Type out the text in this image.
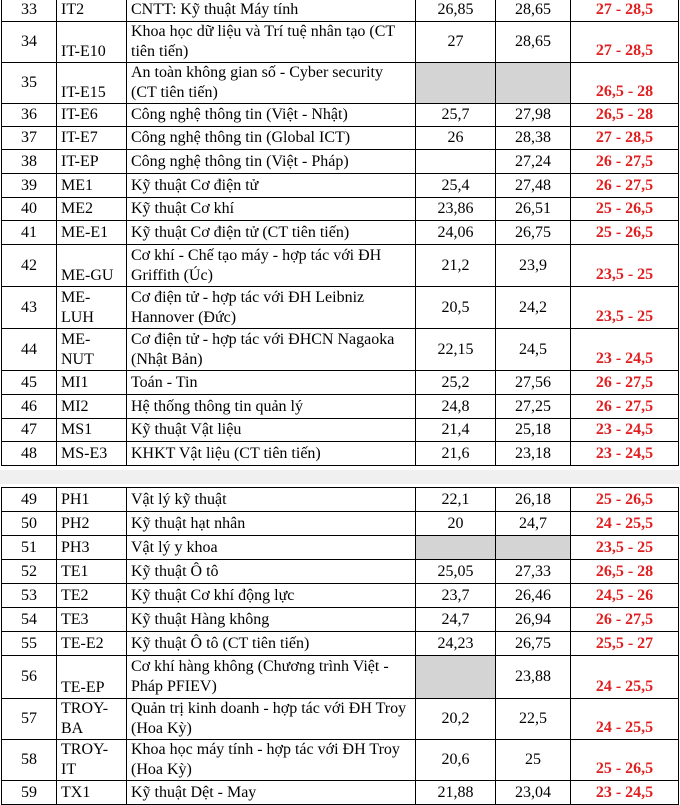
33	IT2	CNTT: Kỹ thuật Máy tính	26,85	28,65	27 - 28,5
34	IT-E10	Khoa học dữ liệu và Trí tuệ nhân tạo (CT tiên tiến)	27	28,65	27 - 28,5
35	IT-E15	An toàn không gian số - Cyber security (CT tiên tiến)			26,5 - 28
36	IT-E6	Công nghệ thông tin (Việt - Nhật)	25,7	27,98	26,5 - 28
37	IT-E7	Công nghệ thông tin (Global ICT)	26	28,38	27 - 28,5
38	IT-EP	Công nghệ thông tin (Việt - Pháp)		27,24	26 - 27,5
39	ME1	Kỹ thuật Cơ điện tử	25,4	27,48	26 - 27,5
40	ME2	Kỹ thuật Cơ khí	23,86	26,51	25 - 26,5
41	ME-E1	Kỹ thuật Cơ điện tử (CT tiên tiến)	24,06	26,75	25 - 26,5
42	ME-GU	Cơ khí - Chế tạo máy - hợp tác với ĐH Griffith (Úc)	21,2	23,9	23,5 - 25
43	ME-LUH	Cơ điện tử - hợp tác với ĐH Leibniz Hannover (Đức)	20,5	24,2	23,5 - 25
44	ME-NUT	Cơ điện tử - hợp tác với ĐHCN Nagaoka (Nhật Bản)	22,15	24,5	23 - 24,5
45	MI1	Toán - Tin	25,2	27,56	26 - 27,5
46	MI2	Hệ thống thông tin quản lý	24,8	27,25	26 - 27,5
47	MS1	Kỹ thuật Vật liệu	21,4	25,18	23 - 24,5
48	MS-E3	KHKT Vật liệu (CT tiên tiến)	21,6	23,18	23 - 24,5
49	PH1	Vật lý kỹ thuật	22,1	26,18	25 - 26,5
50	PH2	Kỹ thuật hạt nhân	20	24,7	24 - 25,5
51	PH3	Vật lý y khoa			23,5 - 25
52	TE1	Kỹ thuật Ô tô	25,05	27,33	26,5 - 28
53	TE2	Kỹ thuật Cơ khí động lực	23,7	26,46	24,5 - 26
54	TE3	Kỹ thuật Hàng không	24,7	26,94	26 - 27,5
55	TE-E2	Kỹ thuật Ô tô (CT tiên tiến)	24,23	26,75	25,5 - 27
56	TE-EP	Cơ khí hàng không (Chương trình Việt - Pháp PFIEV)		23,88	24 - 25,5
57	TROY-BA	Quản trị kinh doanh - hợp tác với ĐH Troy (Hoa Kỳ)	20,2	22,5	24 - 25,5
58	TROY-IT	Khoa học máy tính - hợp tác với ĐH Troy (Hoa Kỳ)	20,6	25	25 - 26,5
59	TX1	Kỹ thuật Dệt - May	21,88	23,04	23 - 24,5
